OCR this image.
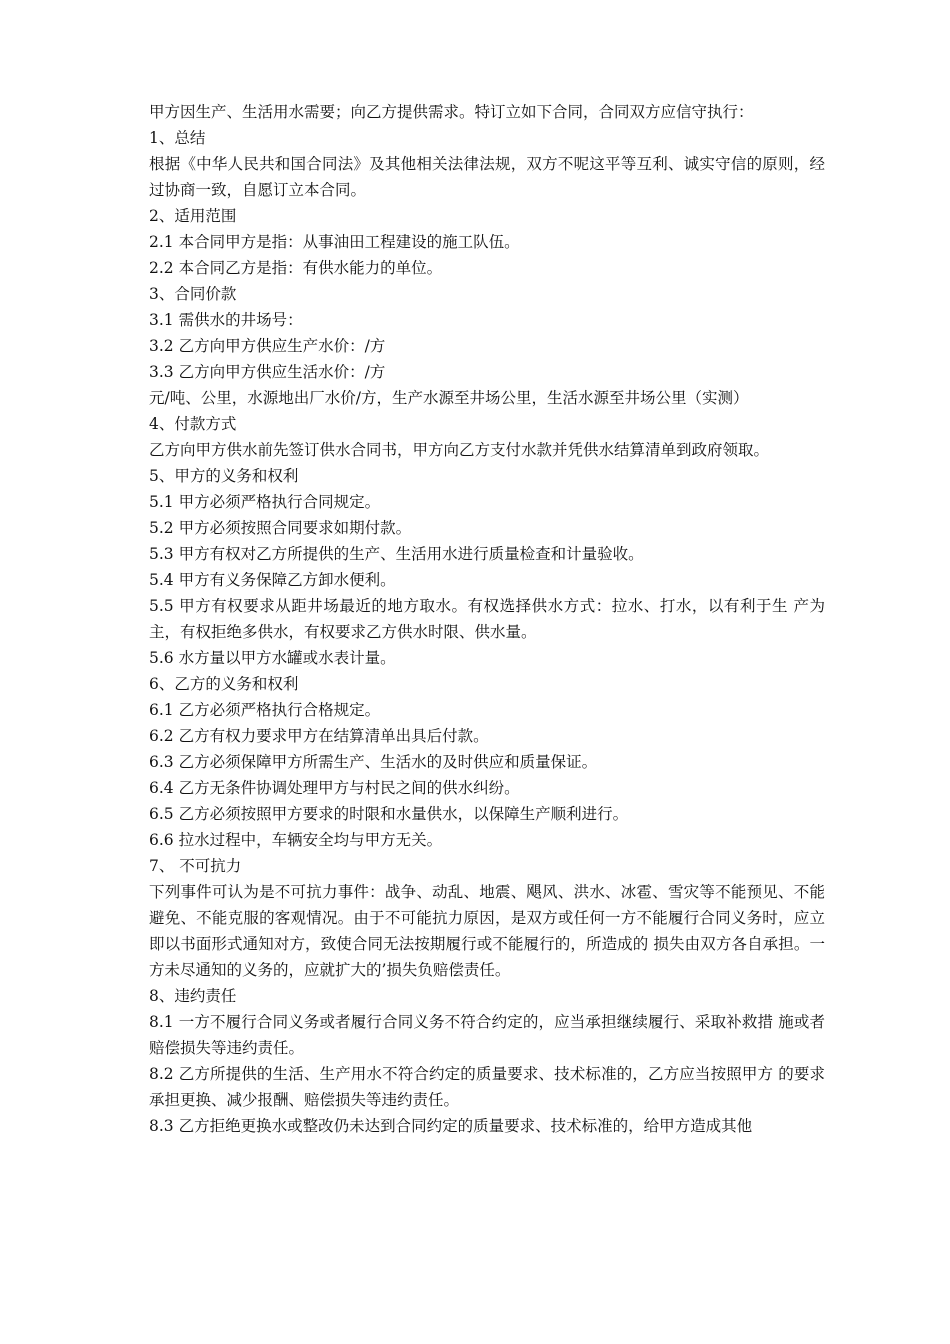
甲方因生产、生活用水需要；向乙方提供需求。特订立如下合同，合同双方应信守执行：

1、总结

根据《中华人民共和国合同法》及其他相关法律法规，双方不呢这平等互利、诚实守信的原则，经过协商一致，自愿订立本合同。

2、适用范围

2.1 本合同甲方是指：从事油田工程建设的施工队伍。

2.2 本合同乙方是指：有供水能力的单位。

3、合同价款

3.1 需供水的井场号：

3.2 乙方向甲方供应生产水价：/方

3.3 乙方向甲方供应生活水价：/方

元/吨、公里，水源地出厂水价/方，生产水源至井场公里，生活水源至井场公里（实测）

4、付款方式

乙方向甲方供水前先签订供水合同书，甲方向乙方支付水款并凭供水结算清单到政府领取。

5、甲方的义务和权利

5.1 甲方必须严格执行合同规定。

5.2 甲方必须按照合同要求如期付款。

5.3 甲方有权对乙方所提供的生产、生活用水进行质量检查和计量验收。

5.4 甲方有义务保障乙方卸水便利。

5.5 甲方有权要求从距井场最近的地方取水。有权选择供水方式：拉水、打水，以有利于生 产为主，有权拒绝多供水，有权要求乙方供水时限、供水量。

5.6 水方量以甲方水罐或水表计量。

6、乙方的义务和权利

6.1 乙方必须严格执行合格规定。

6.2 乙方有权力要求甲方在结算清单出具后付款。

6.3 乙方必须保障甲方所需生产、生活水的及时供应和质量保证。

6.4 乙方无条件协调处理甲方与村民之间的供水纠纷。

6.5 乙方必须按照甲方要求的时限和水量供水，以保障生产顺利进行。

6.6 拉水过程中，车辆安全均与甲方无关。

7、 不可抗力

下列事件可认为是不可抗力事件：战争、动乱、地震、飓风、洪水、冰雹、雪灾等不能预见、不能避免、不能克服的客观情况。由于不可能抗力原因，是双方或任何一方不能履行合同义务时，应立即以书面形式通知对方，致使合同无法按期履行或不能履行的，所造成的 损失由双方各自承担。一方未尽通知的义务的，应就扩大的’损失负赔偿责任。

8、违约责任

8.1 一方不履行合同义务或者履行合同义务不符合约定的，应当承担继续履行、采取补救措 施或者赔偿损失等违约责任。

8.2 乙方所提供的生活、生产用水不符合约定的质量要求、技术标准的，乙方应当按照甲方 的要求承担更换、减少报酬、赔偿损失等违约责任。

8.3 乙方拒绝更换水或整改仍未达到合同约定的质量要求、技术标准的，给甲方造成其他
